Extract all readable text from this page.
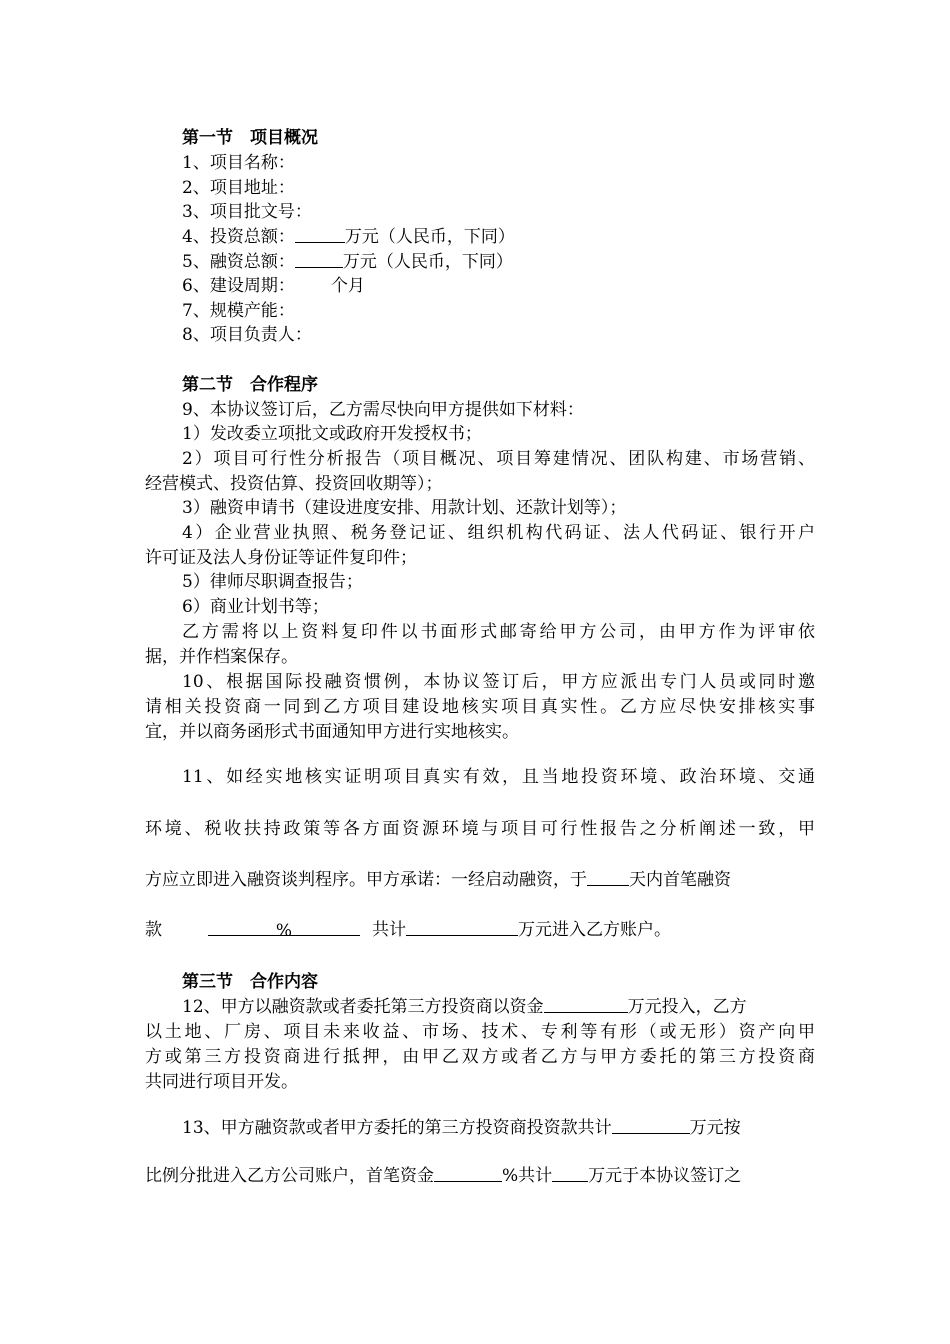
第一节　项目概况
1、项目名称：
2、项目地址：
3、项目批文号：
4、投资总额：	万元（人民币，下同）
5、融资总额：	万元（人民币，下同）
6、建设周期： 个月
7、规模产能：
8、项目负责人：
第二节　合作程序
9、本协议签订后，乙方需尽快向甲方提供如下材料：
1）发改委立项批文或政府开发授权书；
2）项目可行性分析报告（项目概况、项目筹建情况、团队构建、市场营销、
经营模式、投资估算、投资回收期等）；
3）融资申请书（建设进度安排、用款计划、还款计划等）；
4）企业营业执照、税务登记证、组织机构代码证、法人代码证、银行开户
许可证及法人身份证等证件复印件；
5）律师尽职调查报告；
6）商业计划书等；
乙方需将以上资料复印件以书面形式邮寄给甲方公司，由甲方作为评审依
据，并作档案保存。
10、根据国际投融资惯例，本协议签订后，甲方应派出专门人员或同时邀
请相关投资商一同到乙方项目建设地核实项目真实性。乙方应尽快安排核实事
宜，并以商务函形式书面通知甲方进行实地核实。
11、如经实地核实证明项目真实有效，且当地投资环境、政治环境、交通
环境、税收扶持政策等各方面资源环境与项目可行性报告之分析阐述一致，甲
方应立即进入融资谈判程序。甲方承诺：一经启动融资，于 天内首笔融资
款	%	共计	万元进入乙方账户。
第三节　合作内容
12、甲方以融资款或者委托第三方投资商以资金	万元投入，乙方
以土地、厂房、项目未来收益、市场、技术、专利等有形（或无形）资产向甲
方或第三方投资商进行抵押，由甲乙双方或者乙方与甲方委托的第三方投资商
共同进行项目开发。
13、甲方融资款或者甲方委托的第三方投资商投资款共计	万元按
比例分批进入乙方公司账户，首笔资金	%共计 万元于本协议签订之
